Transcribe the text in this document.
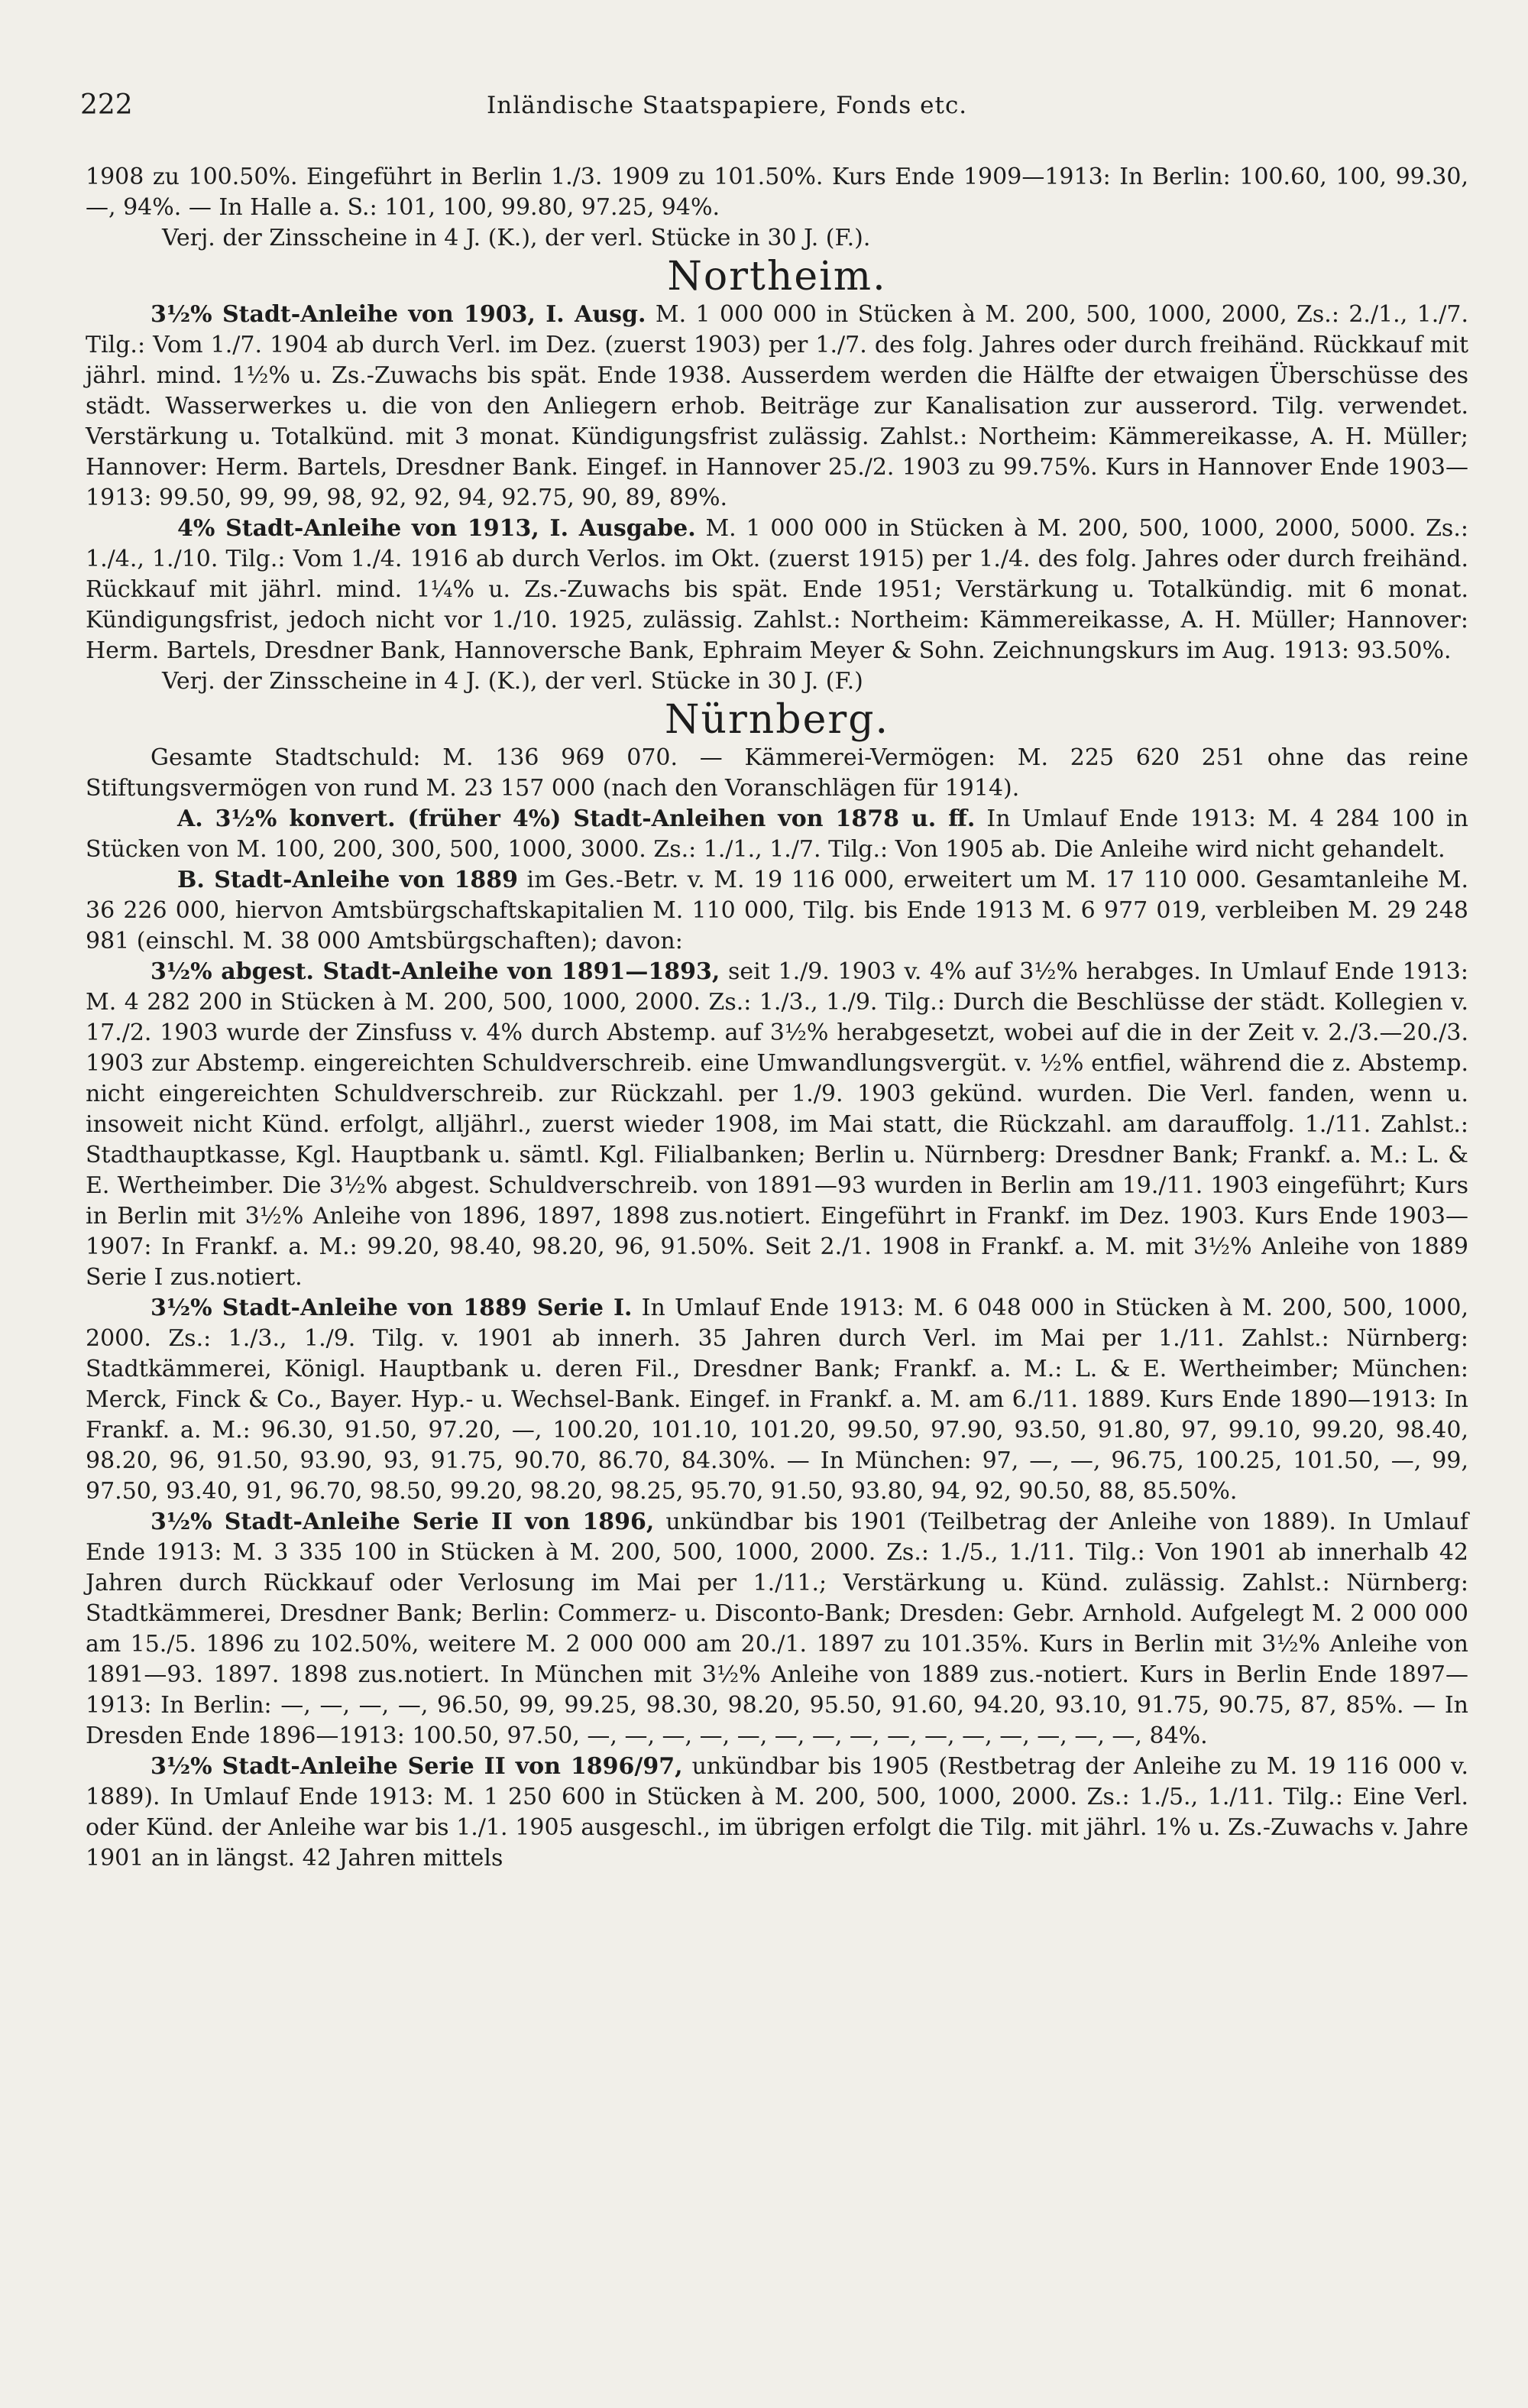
222	Inländische Staatspapiere, Fonds etc.

1908 zu 100.50%. Eingeführt in Berlin 1./3. 1909 zu 101.50%. Kurs Ende 1909—1913: In Berlin: 100.60, 100, 99.30, —, 94%. — In Halle a. S.: 101, 100, 99.80, 97.25, 94%.

Verj. der Zinsscheine in 4 J. (K.), der verl. Stücke in 30 J. (F.).

Northeim.

3½% Stadt-Anleihe von 1903, I. Ausg. M. 1 000 000 in Stücken à M. 200, 500, 1000, 2000, Zs.: 2./1., 1./7. Tilg.: Vom 1./7. 1904 ab durch Verl. im Dez. (zuerst 1903) per 1./7. des folg. Jahres oder durch freihänd. Rückkauf mit jährl. mind. 1½% u. Zs.-Zuwachs bis spät. Ende 1938. Ausserdem werden die Hälfte der etwaigen Überschüsse des städt. Wasserwerkes u. die von den Anliegern erhob. Beiträge zur Kanalisation zur ausserord. Tilg. verwendet. Verstärkung u. Totalkünd. mit 3 monat. Kündigungsfrist zulässig. Zahlst.: Northeim: Kämmereikasse, A. H. Müller; Hannover: Herm. Bartels, Dresdner Bank. Eingef. in Hannover 25./2. 1903 zu 99.75%. Kurs in Hannover Ende 1903—1913: 99.50, 99, 99, 98, 92, 92, 94, 92.75, 90, 89, 89%.

4% Stadt-Anleihe von 1913, I. Ausgabe. M. 1 000 000 in Stücken à M. 200, 500, 1000, 2000, 5000. Zs.: 1./4., 1./10. Tilg.: Vom 1./4. 1916 ab durch Verlos. im Okt. (zuerst 1915) per 1./4. des folg. Jahres oder durch freihänd. Rückkauf mit jährl. mind. 1¼% u. Zs.-Zuwachs bis spät. Ende 1951; Verstärkung u. Totalkündig. mit 6 monat. Kündigungsfrist, jedoch nicht vor 1./10. 1925, zulässig. Zahlst.: Northeim: Kämmereikasse, A. H. Müller; Hannover: Herm. Bartels, Dresdner Bank, Hannoversche Bank, Ephraim Meyer & Sohn. Zeichnungskurs im Aug. 1913: 93.50%.

Verj. der Zinsscheine in 4 J. (K.), der verl. Stücke in 30 J. (F.)

Nürnberg.

Gesamte Stadtschuld: M. 136 969 070. — Kämmerei-Vermögen: M. 225 620 251 ohne das reine Stiftungsvermögen von rund M. 23 157 000 (nach den Voranschlägen für 1914).

A. 3½% konvert. (früher 4%) Stadt-Anleihen von 1878 u. ff. In Umlauf Ende 1913: M. 4 284 100 in Stücken von M. 100, 200, 300, 500, 1000, 3000. Zs.: 1./1., 1./7. Tilg.: Von 1905 ab. Die Anleihe wird nicht gehandelt.

B. Stadt-Anleihe von 1889 im Ges.-Betr. v. M. 19 116 000, erweitert um M. 17 110 000. Gesamtanleihe M. 36 226 000, hiervon Amtsbürgschaftskapitalien M. 110 000, Tilg. bis Ende 1913 M. 6 977 019, verbleiben M. 29 248 981 (einschl. M. 38 000 Amtsbürgschaften); davon:

3½% abgest. Stadt-Anleihe von 1891—1893, seit 1./9. 1903 v. 4% auf 3½% herabges. In Umlauf Ende 1913: M. 4 282 200 in Stücken à M. 200, 500, 1000, 2000. Zs.: 1./3., 1./9. Tilg.: Durch die Beschlüsse der städt. Kollegien v. 17./2. 1903 wurde der Zinsfuss v. 4% durch Abstemp. auf 3½% herabgesetzt, wobei auf die in der Zeit v. 2./3.—20./3. 1903 zur Abstemp. eingereichten Schuldverschreib. eine Umwandlungsvergüt. v. ½% entfiel, während die z. Abstemp. nicht eingereichten Schuldverschreib. zur Rückzahl. per 1./9. 1903 gekünd. wurden. Die Verl. fanden, wenn u. insoweit nicht Künd. erfolgt, alljährl., zuerst wieder 1908, im Mai statt, die Rückzahl. am darauffolg. 1./11. Zahlst.: Stadthauptkasse, Kgl. Hauptbank u. sämtl. Kgl. Filialbanken; Berlin u. Nürnberg: Dresdner Bank; Frankf. a. M.: L. & E. Wertheimber. Die 3½% abgest. Schuldverschreib. von 1891—93 wurden in Berlin am 19./11. 1903 eingeführt; Kurs in Berlin mit 3½% Anleihe von 1896, 1897, 1898 zus.notiert. Eingeführt in Frankf. im Dez. 1903. Kurs Ende 1903—1907: In Frankf. a. M.: 99.20, 98.40, 98.20, 96, 91.50%. Seit 2./1. 1908 in Frankf. a. M. mit 3½% Anleihe von 1889 Serie I zus.notiert.

3½% Stadt-Anleihe von 1889 Serie I. In Umlauf Ende 1913: M. 6 048 000 in Stücken à M. 200, 500, 1000, 2000. Zs.: 1./3., 1./9. Tilg. v. 1901 ab innerh. 35 Jahren durch Verl. im Mai per 1./11. Zahlst.: Nürnberg: Stadtkämmerei, Königl. Hauptbank u. deren Fil., Dresdner Bank; Frankf. a. M.: L. & E. Wertheimber; München: Merck, Finck & Co., Bayer. Hyp.- u. Wechsel-Bank. Eingef. in Frankf. a. M. am 6./11. 1889. Kurs Ende 1890—1913: In Frankf. a. M.: 96.30, 91.50, 97.20, —, 100.20, 101.10, 101.20, 99.50, 97.90, 93.50, 91.80, 97, 99.10, 99.20, 98.40, 98.20, 96, 91.50, 93.90, 93, 91.75, 90.70, 86.70, 84.30%. — In München: 97, —, —, 96.75, 100.25, 101.50, —, 99, 97.50, 93.40, 91, 96.70, 98.50, 99.20, 98.20, 98.25, 95.70, 91.50, 93.80, 94, 92, 90.50, 88, 85.50%.

3½% Stadt-Anleihe Serie II von 1896, unkündbar bis 1901 (Teilbetrag der Anleihe von 1889). In Umlauf Ende 1913: M. 3 335 100 in Stücken à M. 200, 500, 1000, 2000. Zs.: 1./5., 1./11. Tilg.: Von 1901 ab innerhalb 42 Jahren durch Rückkauf oder Verlosung im Mai per 1./11.; Verstärkung u. Künd. zulässig. Zahlst.: Nürnberg: Stadtkämmerei, Dresdner Bank; Berlin: Commerz- u. Disconto-Bank; Dresden: Gebr. Arnhold. Aufgelegt M. 2 000 000 am 15./5. 1896 zu 102.50%, weitere M. 2 000 000 am 20./1. 1897 zu 101.35%. Kurs in Berlin mit 3½% Anleihe von 1891—93. 1897. 1898 zus.notiert. In München mit 3½% Anleihe von 1889 zus.-notiert. Kurs in Berlin Ende 1897—1913: In Berlin: —, —, —, —, 96.50, 99, 99.25, 98.30, 98.20, 95.50, 91.60, 94.20, 93.10, 91.75, 90.75, 87, 85%. — In Dresden Ende 1896—1913: 100.50, 97.50, —, —, —, —, —, —, —, —, —, —, —, —, —, —, —, 84%.

3½% Stadt-Anleihe Serie II von 1896/97, unkündbar bis 1905 (Restbetrag der Anleihe zu M. 19 116 000 v. 1889). In Umlauf Ende 1913: M. 1 250 600 in Stücken à M. 200, 500, 1000, 2000. Zs.: 1./5., 1./11. Tilg.: Eine Verl. oder Künd. der Anleihe war bis 1./1. 1905 ausgeschl., im übrigen erfolgt die Tilg. mit jährl. 1% u. Zs.-Zuwachs v. Jahre 1901 an in längst. 42 Jahren mittels
